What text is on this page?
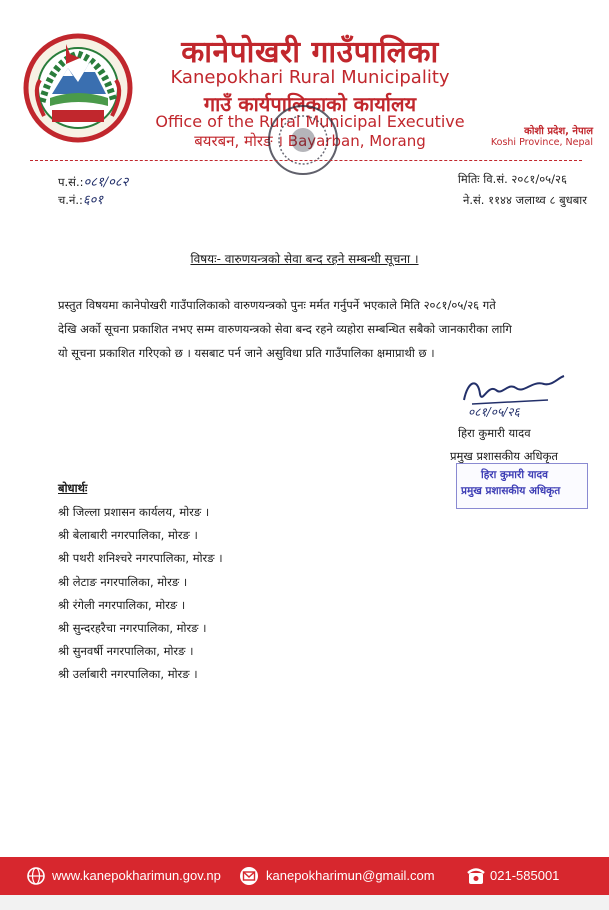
कानेपोखरी गाउँपालिका
Kanepokhari Rural Municipality
गाउँ कार्यपालिकाको कार्यालय
Office of the Rural Municipal Executive
बयरबन, मोरङ । Bayarban, Morang
कोशी प्रदेश, नेपाल
Koshi Province, Nepal
प.सं.:०८१/०८२
च.नं.:६०१
मितिः वि.सं. २०८१/०५/२६
ने.सं. ११४४ जलाथ्व ८ बुधबार
विषयः- वारुणयन्त्रको सेवा बन्द रहने सम्बन्धी सूचना ।
प्रस्तुत विषयमा कानेपोखरी गाउँपालिकाको वारुणयन्त्रको पुनः मर्मत गर्नुपर्ने भएकाले मिति २०८१/०५/२६ गते
देखि अर्को सूचना प्रकाशित नभए सम्म वारुणयन्त्रको सेवा बन्द रहने व्यहोरा सम्बन्धित सबैको जानकारीका लागि
यो सूचना प्रकाशित गरिएको छ । यसबाट पर्न जाने असुविधा प्रति गाउँपालिका क्षमाप्राथी छ ।
०८१/०५/२६
हिरा कुमारी यादव
प्रमुख प्रशासकीय अधिकृत
हिरा कुमारी यादव
प्रमुख प्रशासकीय अधिकृत
बोधार्थः
श्री जिल्ला प्रशासन कार्यलय, मोरङ ।
श्री बेलाबारी नगरपालिका, मोरङ ।
श्री पथरी शनिश्चरे नगरपालिका, मोरङ ।
श्री लेटाङ नगरपालिका, मोरङ ।
श्री रंगेली नगरपालिका, मोरङ ।
श्री सुन्दरहरैचा नगरपालिका, मोरङ ।
श्री सुनवर्षी नगरपालिका, मोरङ ।
श्री उर्लाबारी नगरपालिका, मोरङ ।
www.kanepokharimun.gov.np	kanepokharimun@gmail.com	021-585001
